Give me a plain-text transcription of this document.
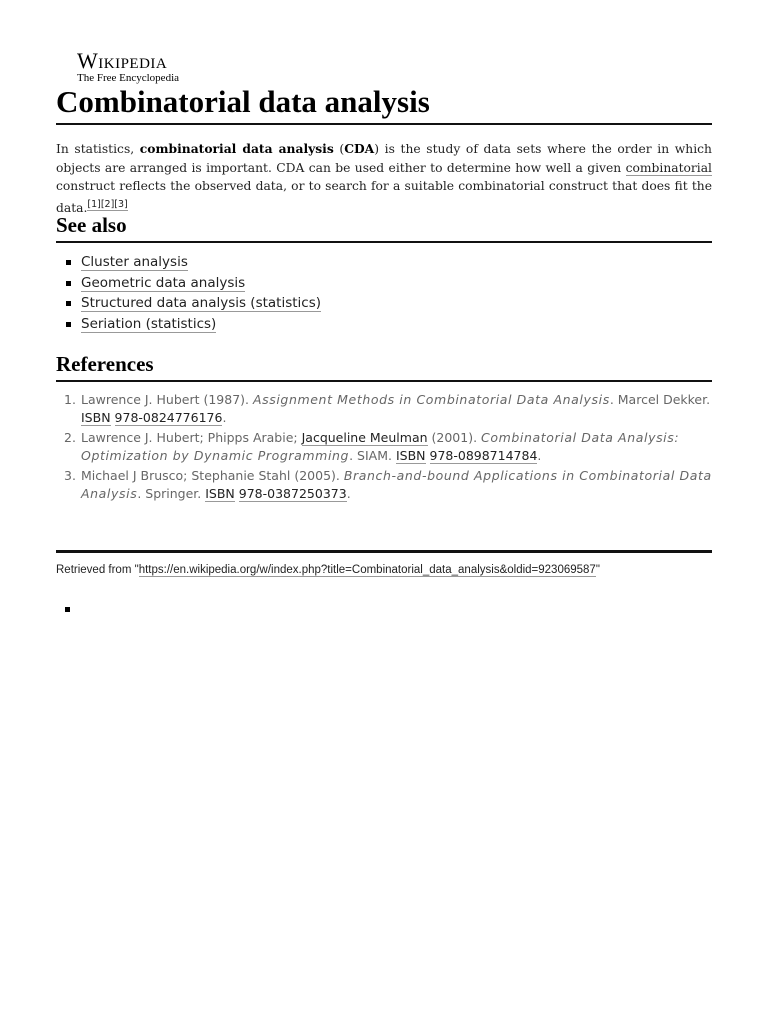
Wikipedia
The Free Encyclopedia
Combinatorial data analysis

In statistics, combinatorial data analysis (CDA) is the study of data sets where the order in which objects are arranged is important. CDA can be used either to determine how well a given combinatorial construct reflects the observed data, or to search for a suitable combinatorial construct that does fit the data.[1][2][3]

See also
Cluster analysis
Geometric data analysis
Structured data analysis (statistics)
Seriation (statistics)
References
1. Lawrence J. Hubert (1987). Assignment Methods in Combinatorial Data Analysis. Marcel Dekker. ISBN 978-0824776176.
2. Lawrence J. Hubert; Phipps Arabie; Jacqueline Meulman (2001). Combinatorial Data Analysis: Optimization by Dynamic Programming. SIAM. ISBN 978-0898714784.
3. Michael J Brusco; Stephanie Stahl (2005). Branch-and-bound Applications in Combinatorial Data Analysis. Springer. ISBN 978-0387250373.

Retrieved from "https://en.wikipedia.org/w/index.php?title=Combinatorial_data_analysis&oldid=923069587"
